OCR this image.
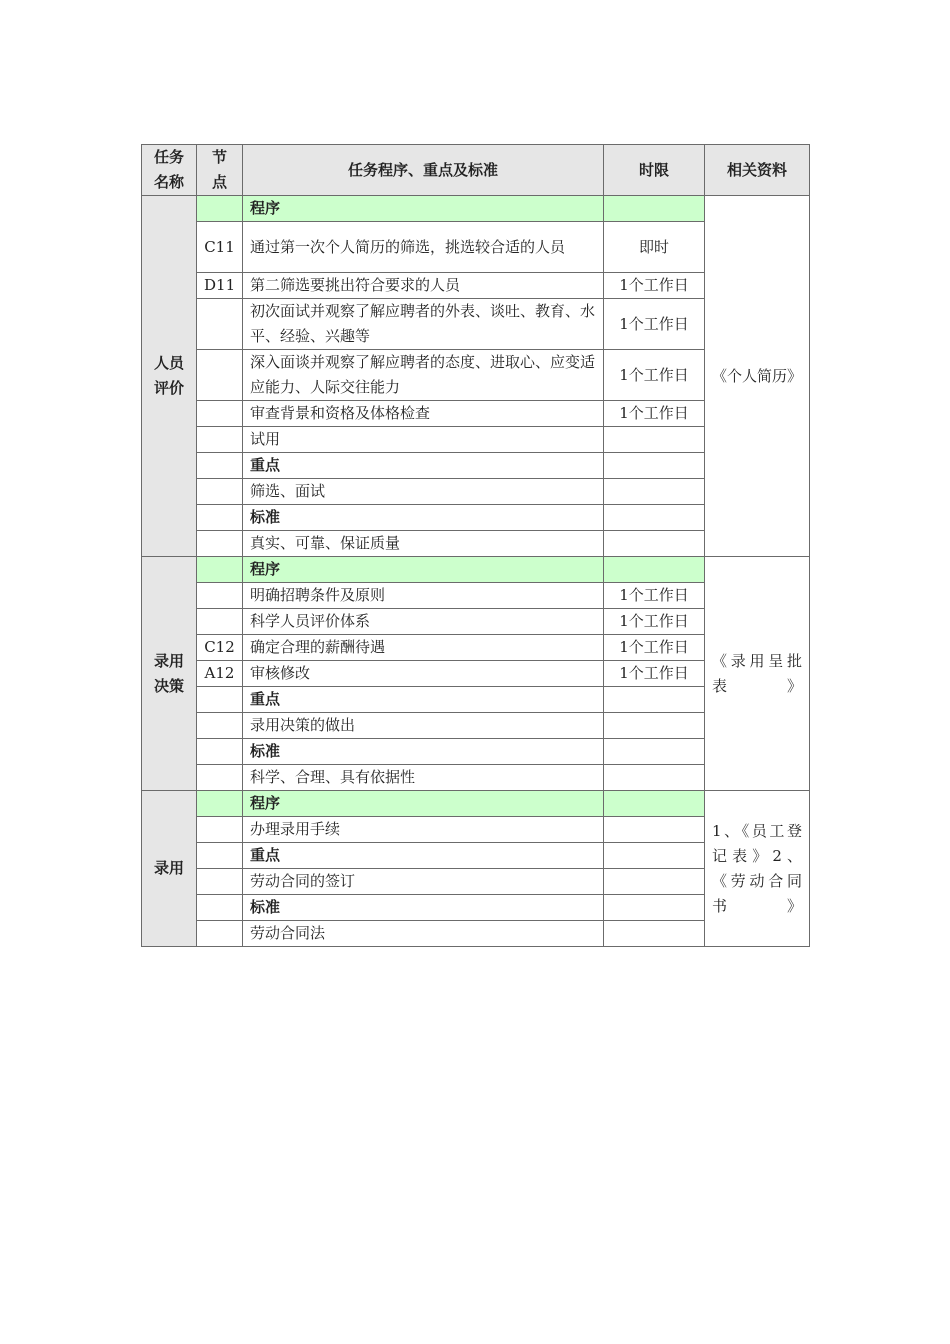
任务名称	节点	任务程序、重点及标准	时限	相关资料
人员评价		程序		《个人简历》
	C11	通过第一次个人简历的筛选，挑选较合适的人员	即时	
	D11	第二筛选要挑出符合要求的人员	1个工作日	
		初次面试并观察了解应聘者的外表、谈吐、教育、水平、经验、兴趣等	1个工作日	
		深入面谈并观察了解应聘者的态度、进取心、应变适应能力、人际交往能力	1个工作日	
		审查背景和资格及体格检查	1个工作日	
		试用		
		重点		
		筛选、面试		
		标准		
		真实、可靠、保证质量		
录用决策		程序		《录用呈批表》
		明确招聘条件及原则	1个工作日	
		科学人员评价体系	1个工作日	
	C12	确定合理的薪酬待遇	1个工作日	
	A12	审核修改	1个工作日	
		重点		
		录用决策的做出		
		标准		
		科学、合理、具有依据性		
录用		程序		1、《员工登记表》2、《劳动合同书》
		办理录用手续		
		重点		
		劳动合同的签订		
		标准		
		劳动合同法		
